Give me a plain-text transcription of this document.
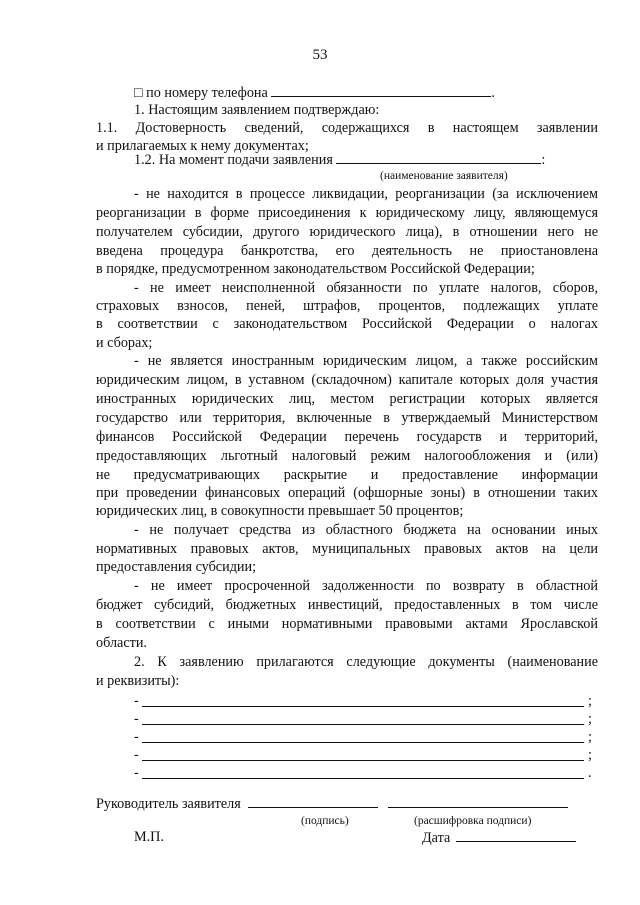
53
□ по номеру телефона	.
1. Настоящим заявлением подтверждаю:
1.1. Достоверность сведений, содержащихся в настоящем заявлении
и прилагаемых к нему документах;
1.2. На момент подачи заявления	:
(наименование заявителя)
- не находится в процессе ликвидации, реорганизации (за исключением
реорганизации в форме присоединения к юридическому лицу, являющемуся
получателем субсидии, другого юридического лица), в отношении него не
введена процедура банкротства, его деятельность не приостановлена
в порядке, предусмотренном законодательством Российской Федерации;
- не имеет неисполненной обязанности по уплате налогов, сборов,
страховых взносов, пеней, штрафов, процентов, подлежащих уплате
в соответствии с законодательством Российской Федерации о налогах
и сборах;
- не является иностранным юридическим лицом, а также российским
юридическим лицом, в уставном (складочном) капитале которых доля участия
иностранных юридических лиц, местом регистрации которых является
государство или территория, включенные в утверждаемый Министерством
финансов Российской Федерации перечень государств и территорий,
предоставляющих льготный налоговый режим налогообложения и (или)
не предусматривающих раскрытие и предоставление информации
при проведении финансовых операций (офшорные зоны) в отношении таких
юридических лиц, в совокупности превышает 50 процентов;
- не получает средства из областного бюджета на основании иных
нормативных правовых актов, муниципальных правовых актов на цели
предоставления субсидии;
- не имеет просроченной задолженности по возврату в областной
бюджет субсидий, бюджетных инвестиций, предоставленных в том числе
в соответствии с иными нормативными правовыми актами Ярославской
области.
2. К заявлению прилагаются следующие документы (наименование
и реквизиты):
-	;
-	;
-	;
-	;
-	.
Руководитель заявителя
(подпись)	(расшифровка подписи)
М.П.	Дата
